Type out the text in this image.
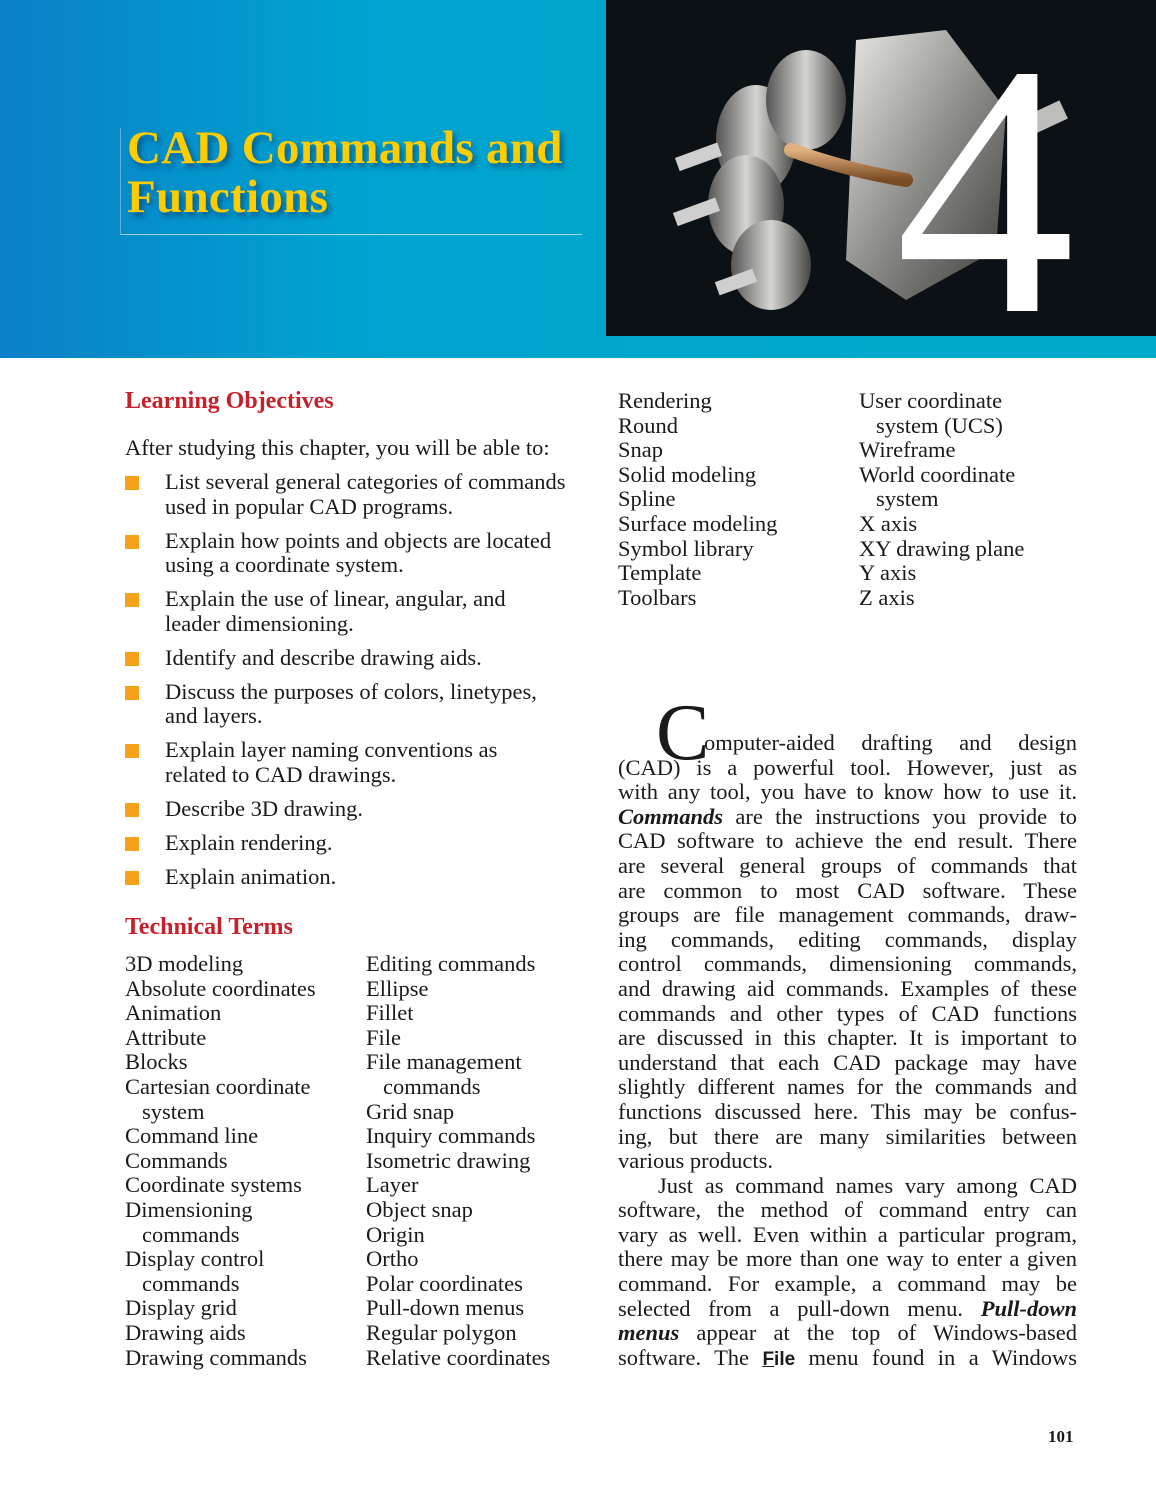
CAD Commands and
Functions	4
Learning Objectives
After studying this chapter, you will be able to:
List several general categories of commands
used in popular CAD programs.
Explain how points and objects are located
using a coordinate system.
Explain the use of linear, angular, and
leader dimensioning.
Identify and describe drawing aids.
Discuss the purposes of colors, linetypes,
and layers.
Explain layer naming conventions as
related to CAD drawings.
Describe 3D drawing.
Explain rendering.
Explain animation.
Technical Terms
3D modeling
Absolute coordinates
Animation
Attribute
Blocks
Cartesian coordinate
system
Command line
Commands
Coordinate systems
Dimensioning
commands
Display control
commands
Display grid
Drawing aids
Drawing commands
Editing commands
Ellipse
Fillet
File
File management
commands
Grid snap
Inquiry commands
Isometric drawing
Layer
Object snap
Origin
Ortho
Polar coordinates
Pull-down menus
Regular polygon
Relative coordinates
Rendering
Round
Snap
Solid modeling
Spline
Surface modeling
Symbol library
Template
Toolbars
User coordinate
system (UCS)
Wireframe
World coordinate
system
X axis
XY drawing plane
Y axis
Z axis
C
omputer-aided drafting and design
(CAD) is a powerful tool. However, just as
with any tool, you have to know how to use it.
Commands are the instructions you provide to
CAD software to achieve the end result. There
are several general groups of commands that
are common to most CAD software. These
groups are file management commands, draw-
ing commands, editing commands, display
control commands, dimensioning commands,
and drawing aid commands. Examples of these
commands and other types of CAD functions
are discussed in this chapter. It is important to
understand that each CAD package may have
slightly different names for the commands and
functions discussed here. This may be confus-
ing, but there are many similarities between
various products.
Just as command names vary among CAD
software, the method of command entry can
vary as well. Even within a particular program,
there may be more than one way to enter a given
command. For example, a command may be
selected from a pull-down menu. Pull-down
menus appear at the top of Windows-based
software. The File menu found in a Windows
101
